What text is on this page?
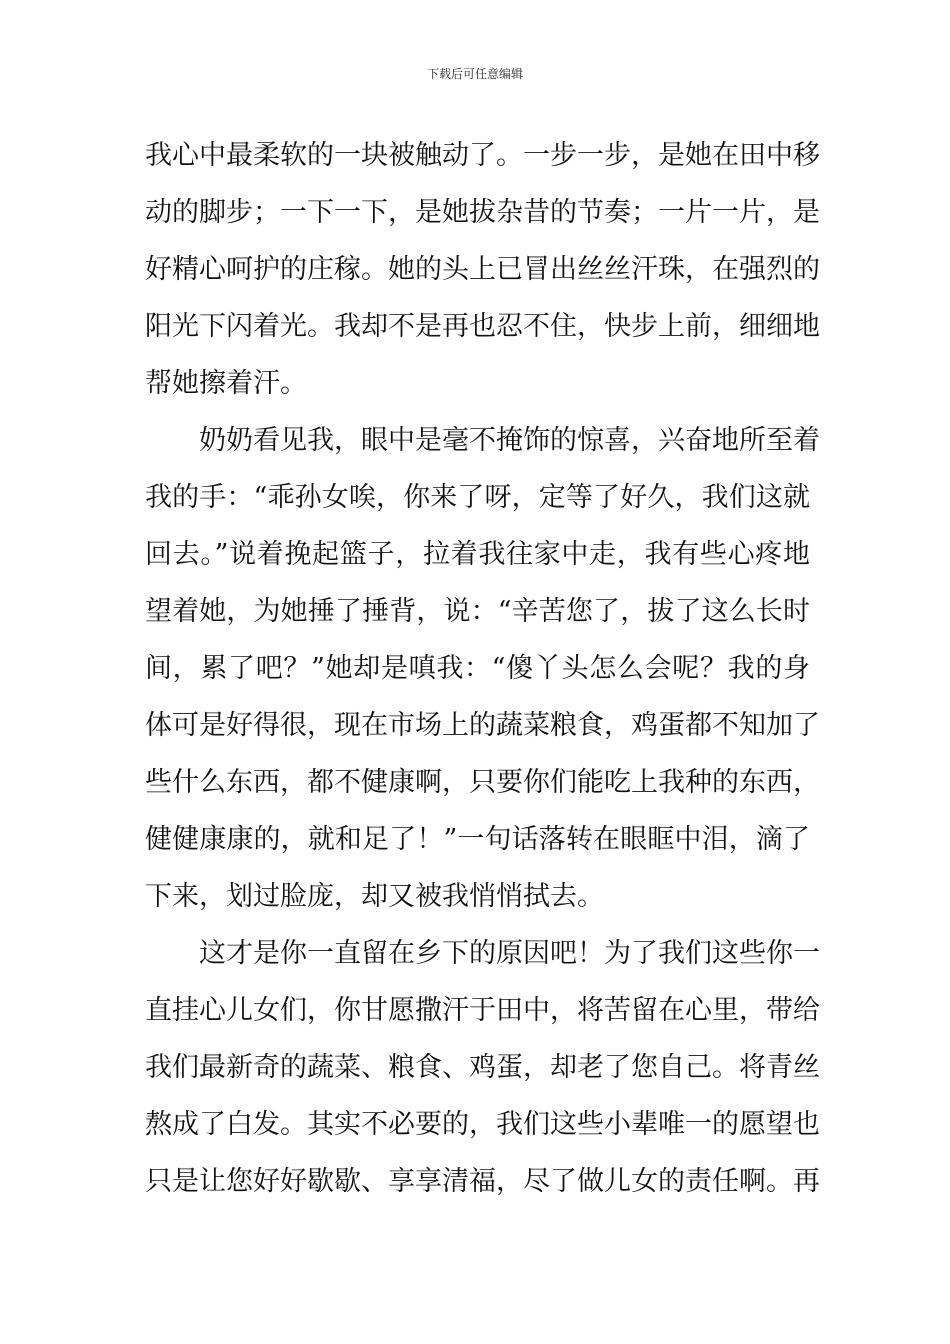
下载后可任意编辑
我心中最柔软的一块被触动了。一步一步，是她在田中移
动的脚步；一下一下，是她拔杂昔的节奏；一片一片，是
好精心呵护的庄稼。她的头上已冒出丝丝汗珠，在强烈的
阳光下闪着光。我却不是再也忍不住，快步上前，细细地
帮她擦着汗。
奶奶看见我，眼中是毫不掩饰的惊喜，兴奋地所至着
我的手：“乖孙女唉，你来了呀，定等了好久，我们这就
回去。”说着挽起篮子，拉着我往家中走，我有些心疼地
望着她，为她捶了捶背，说：“辛苦您了，拔了这么长时
间，累了吧？”她却是嗔我：“傻丫头怎么会呢？我的身
体可是好得很，现在市场上的蔬菜粮食，鸡蛋都不知加了
些什么东西，都不健康啊，只要你们能吃上我种的东西，
健健康康的，就和足了！”一句话落转在眼眶中泪，滴了
下来，划过脸庞，却又被我悄悄拭去。
这才是你一直留在乡下的原因吧！为了我们这些你一
直挂心儿女们，你甘愿撒汗于田中，将苦留在心里，带给
我们最新奇的蔬菜、粮食、鸡蛋，却老了您自己。将青丝
熬成了白发。其实不必要的，我们这些小辈唯一的愿望也
只是让您好好歇歇、享享清福，尽了做儿女的责任啊。再
